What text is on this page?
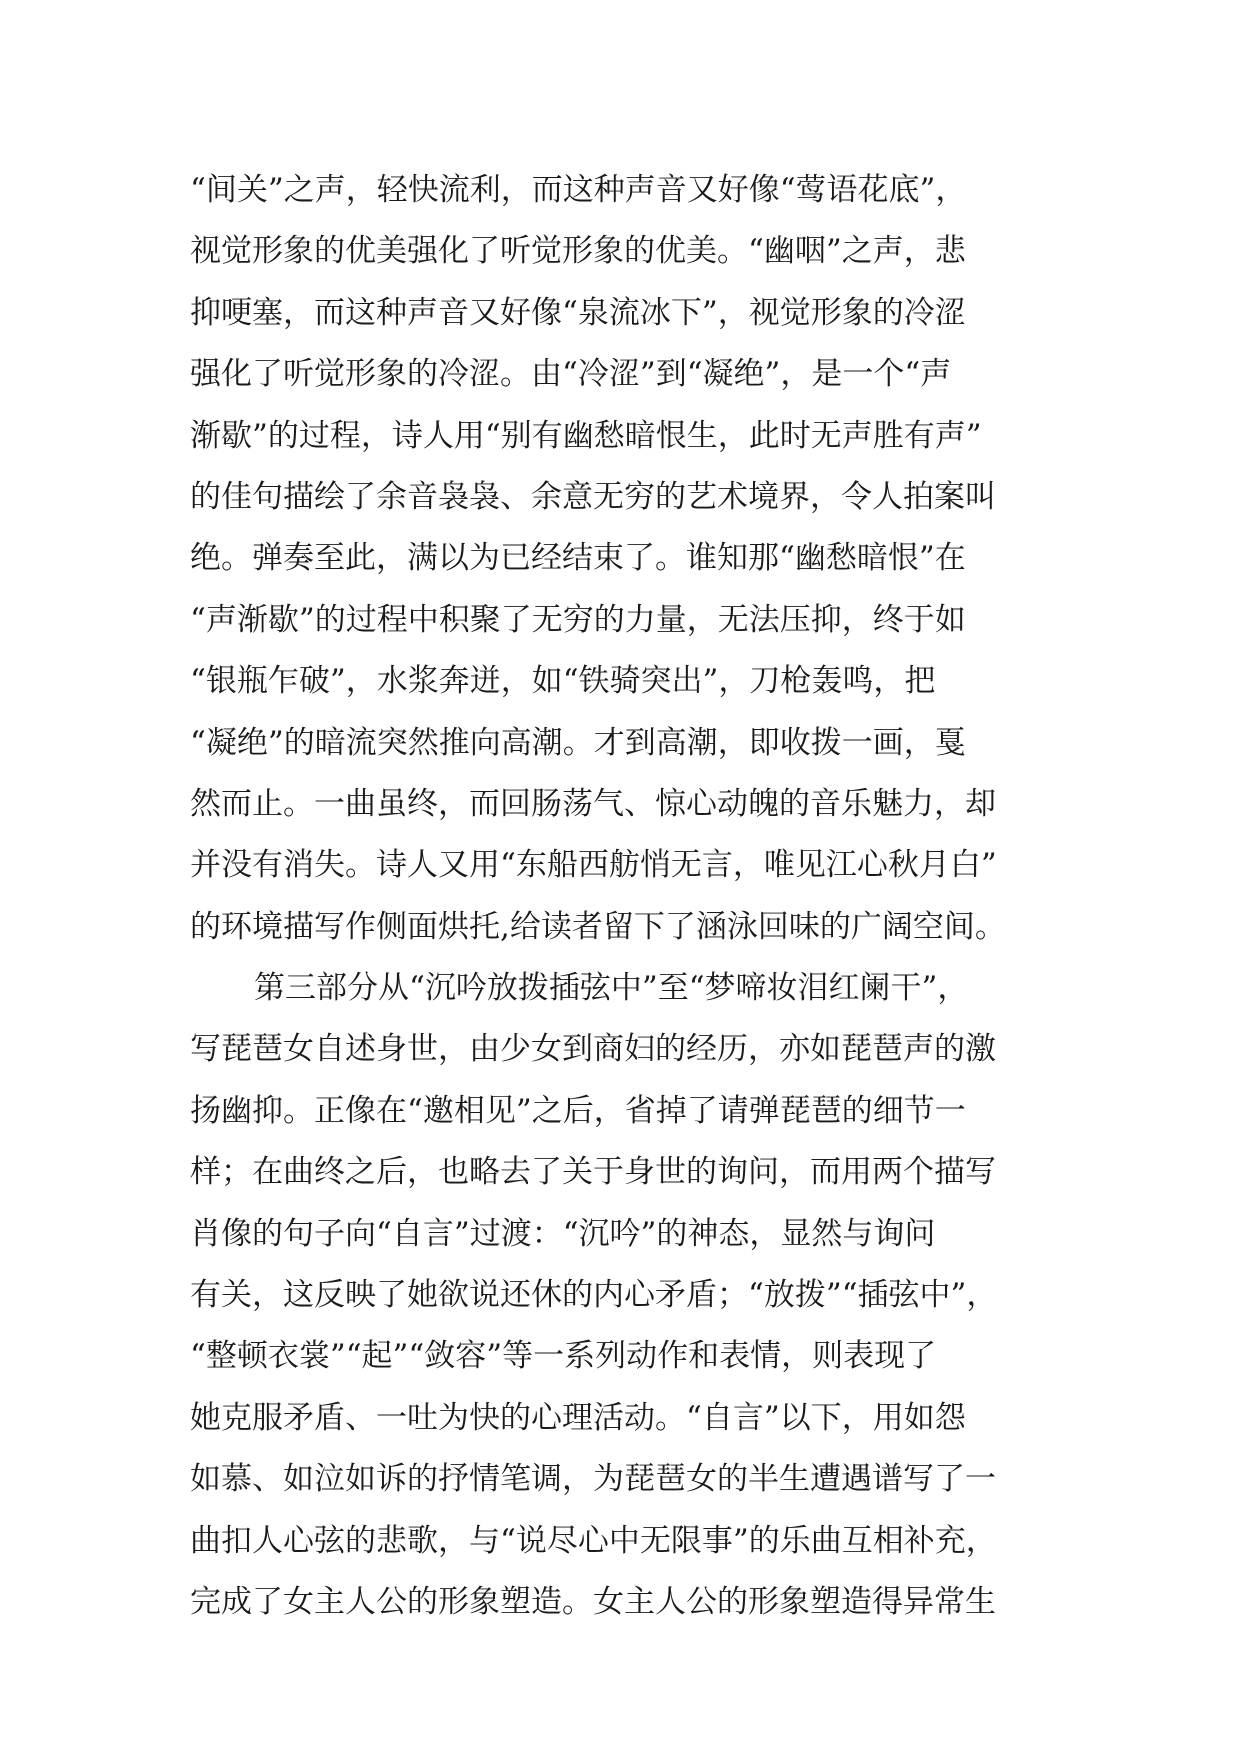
“间关”之声，轻快流利，而这种声音又好像“莺语花底”，
视觉形象的优美强化了听觉形象的优美。“幽咽”之声，悲
抑哽塞，而这种声音又好像“泉流冰下”，视觉形象的冷涩
强化了听觉形象的冷涩。由“冷涩”到“凝绝”，是一个“声
渐歇”的过程，诗人用“别有幽愁暗恨生，此时无声胜有声”
的佳句描绘了余音袅袅、余意无穷的艺术境界，令人拍案叫
绝。弹奏至此，满以为已经结束了。谁知那“幽愁暗恨”在
“声渐歇”的过程中积聚了无穷的力量，无法压抑，终于如
“银瓶乍破”，水浆奔迸，如“铁骑突出”，刀枪轰鸣，把
“凝绝”的暗流突然推向高潮。才到高潮，即收拨一画，戛
然而止。一曲虽终，而回肠荡气、惊心动魄的音乐魅力，却
并没有消失。诗人又用“东船西舫悄无言，唯见江心秋月白”
的环境描写作侧面烘托,给读者留下了涵泳回味的广阔空间。
第三部分从“沉吟放拨插弦中”至“梦啼妆泪红阑干”，
写琵琶女自述身世，由少女到商妇的经历，亦如琵琶声的激
扬幽抑。正像在“邀相见”之后，省掉了请弹琵琶的细节一
样；在曲终之后，也略去了关于身世的询问，而用两个描写
肖像的句子向“自言”过渡：“沉吟”的神态，显然与询问
有关，这反映了她欲说还休的内心矛盾；“放拨”“插弦中”，
“整顿衣裳”“起”“敛容”等一系列动作和表情，则表现了
她克服矛盾、一吐为快的心理活动。“自言”以下，用如怨
如慕、如泣如诉的抒情笔调，为琵琶女的半生遭遇谱写了一
曲扣人心弦的悲歌，与“说尽心中无限事”的乐曲互相补充，
完成了女主人公的形象塑造。女主人公的形象塑造得异常生
